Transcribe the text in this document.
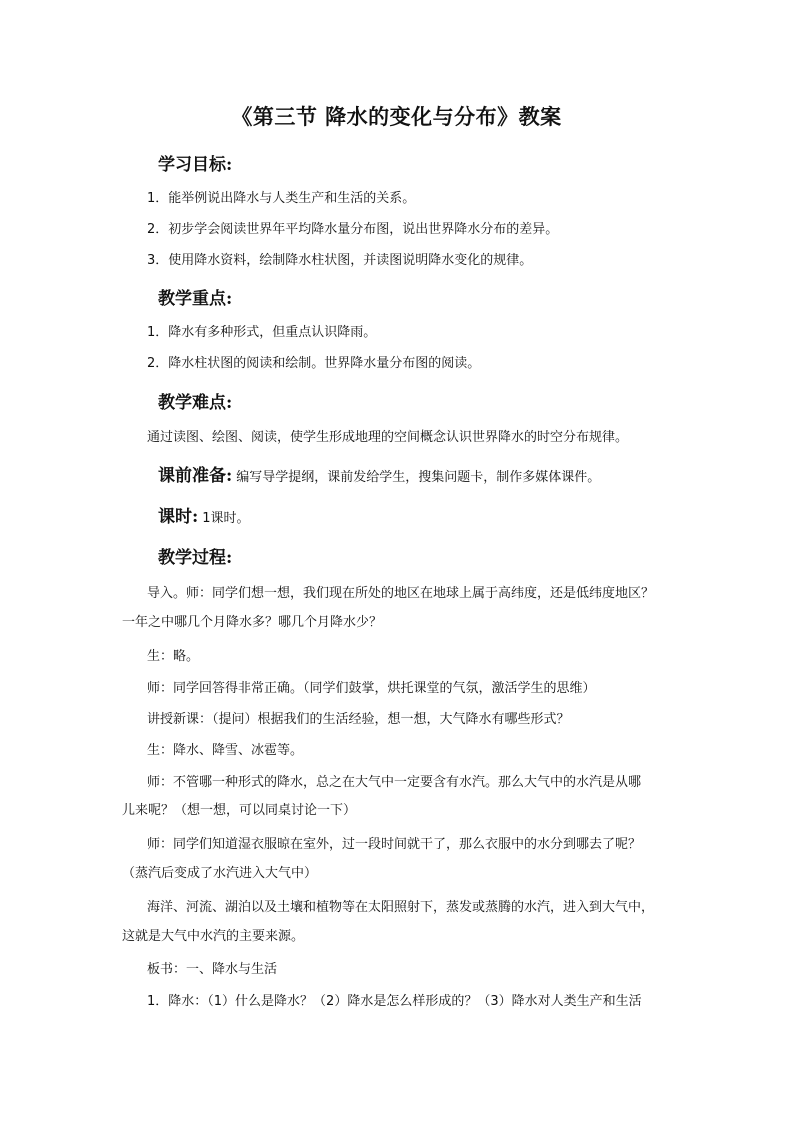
《第三节 降水的变化与分布》教案
学习目标:
1．能举例说出降水与人类生产和生活的关系。
2．初步学会阅读世界年平均降水量分布图，说出世界降水分布的差异。
3．使用降水资料，绘制降水柱状图，并读图说明降水变化的规律。
教学重点:
1．降水有多种形式，但重点认识降雨。
2．降水柱状图的阅读和绘制。世界降水量分布图的阅读。
教学难点:
通过读图、绘图、阅读，使学生形成地理的空间概念认识世界降水的时空分布规律。
课前准备: 编写导学提纲，课前发给学生，搜集问题卡，制作多媒体课件。
课时: 1课时。
教学过程:
导入。师：同学们想一想，我们现在所处的地区在地球上属于高纬度，还是低纬度地区？
一年之中哪几个月降水多？哪几个月降水少？
生：略。
师：同学回答得非常正确。（同学们鼓掌，烘托课堂的气氛，激活学生的思维）
讲授新课：（提问）根据我们的生活经验，想一想，大气降水有哪些形式？
生：降水、降雪、冰雹等。
师：不管哪一种形式的降水，总之在大气中一定要含有水汽。那么大气中的水汽是从哪
儿来呢？（想一想，可以同桌讨论一下）
师：同学们知道湿衣服晾在室外，过一段时间就干了，那么衣服中的水分到哪去了呢？
（蒸汽后变成了水汽进入大气中）
海洋、河流、湖泊以及土壤和植物等在太阳照射下，蒸发或蒸腾的水汽，进入到大气中，
这就是大气中水汽的主要来源。
板书：一、降水与生活
1．降水：（1）什么是降水？（2）降水是怎么样形成的？（3）降水对人类生产和生活
